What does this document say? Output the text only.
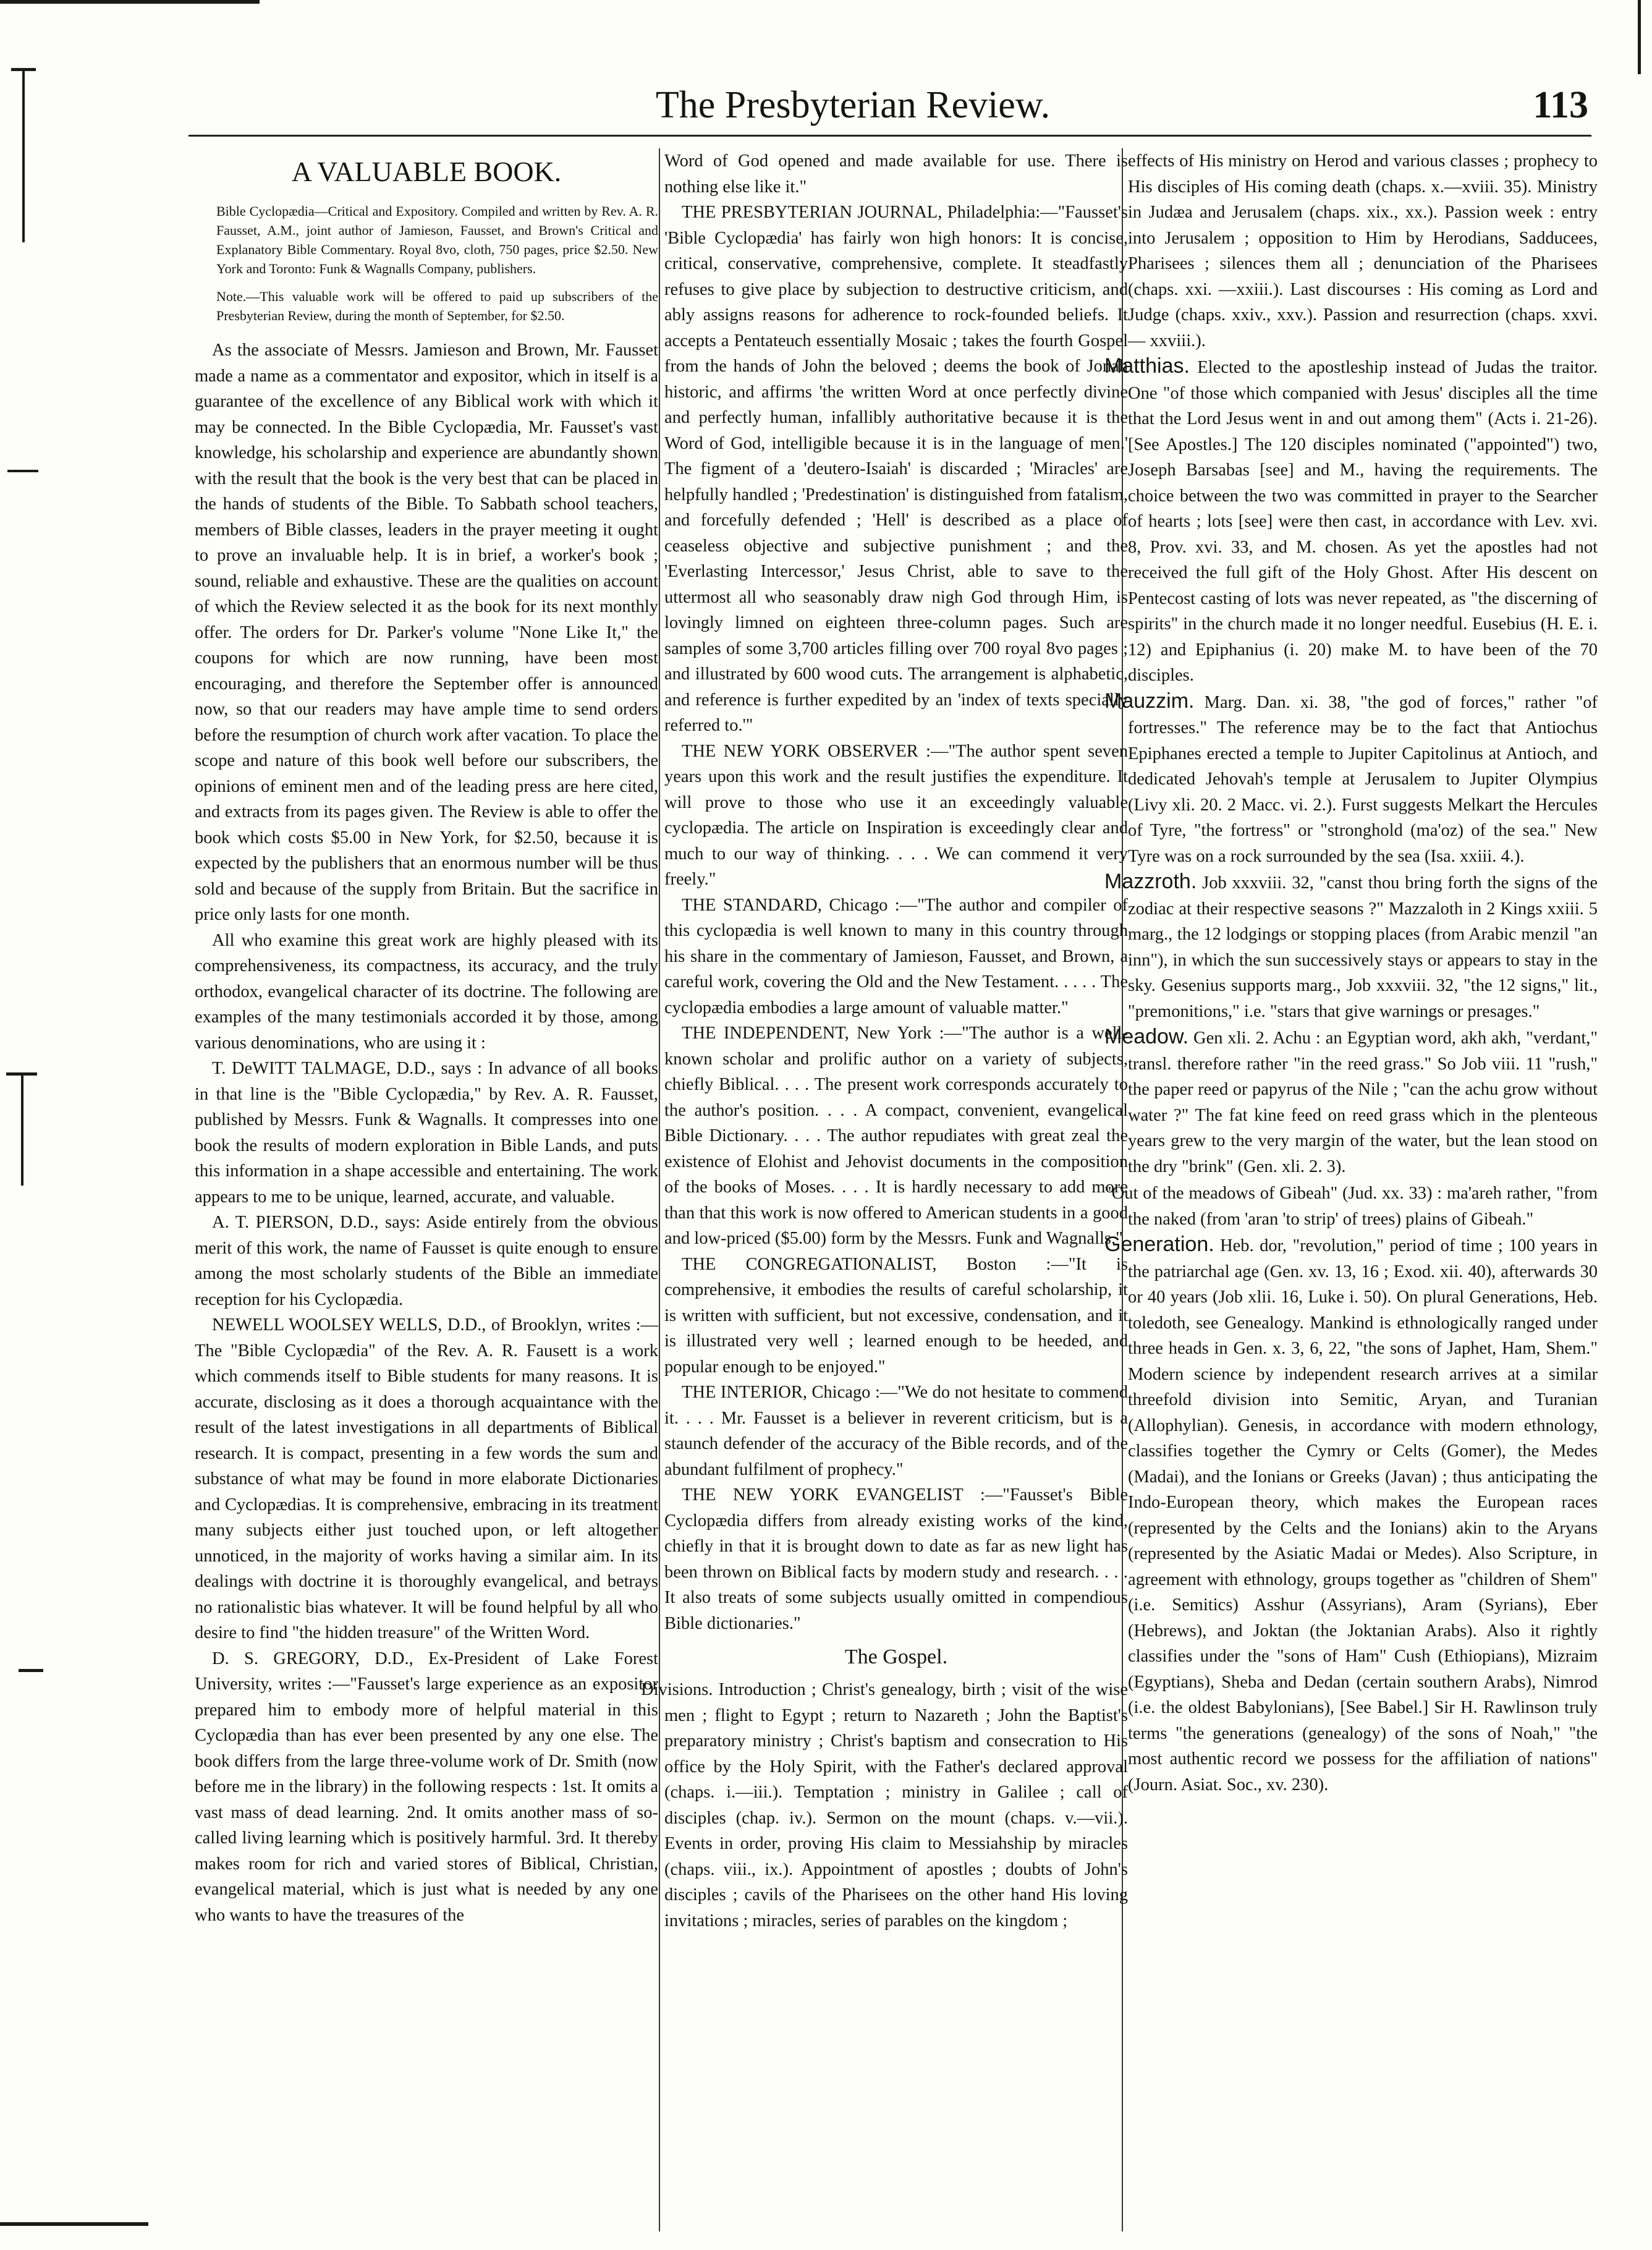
The Presbyterian Review.	113
A VALUABLE BOOK.
Bible Cyclopædia—Critical and Expository. Compiled and written by Rev. A. R. Fausset, A.M., joint author of Jamieson, Fausset, and Brown's Critical and Explanatory Bible Commentary. Royal 8vo, cloth, 750 pages, price $2.50. New York and Toronto: Funk & Wagnalls Company, publishers.
Note.—This valuable work will be offered to paid up subscribers of the Presbyterian Review, during the month of September, for $2.50.

As the associate of Messrs. Jamieson and Brown, Mr. Fausset made a name as a commentator and expositor, which in itself is a guarantee of the excellence of any Biblical work with which it may be connected. In the Bible Cyclopædia, Mr. Fausset's vast knowledge, his scholarship and experience are abundantly shown with the result that the book is the very best that can be placed in the hands of students of the Bible. To Sabbath school teachers, members of Bible classes, leaders in the prayer meeting it ought to prove an invaluable help. It is in brief, a worker's book ; sound, reliable and exhaustive. These are the qualities on account of which the Review selected it as the book for its next monthly offer. The orders for Dr. Parker's volume "None Like It," the coupons for which are now running, have been most encouraging, and therefore the September offer is announced now, so that our readers may have ample time to send orders before the resumption of church work after vacation. To place the scope and nature of this book well before our subscribers, the opinions of eminent men and of the leading press are here cited, and extracts from its pages given. The Review is able to offer the book which costs $5.00 in New York, for $2.50, because it is expected by the publishers that an enormous number will be thus sold and because of the supply from Britain. But the sacrifice in price only lasts for one month.

All who examine this great work are highly pleased with its comprehensiveness, its compactness, its accuracy, and the truly orthodox, evangelical character of its doctrine. The following are examples of the many testimonials accorded it by those, among various denominations, who are using it :

T. DeWITT TALMAGE, D.D., says : In advance of all books in that line is the "Bible Cyclopædia," by Rev. A. R. Fausset, published by Messrs. Funk & Wagnalls. It compresses into one book the results of modern exploration in Bible Lands, and puts this information in a shape accessible and entertaining. The work appears to me to be unique, learned, accurate, and valuable.

A. T. PIERSON, D.D., says: Aside entirely from the obvious merit of this work, the name of Fausset is quite enough to ensure among the most scholarly students of the Bible an immediate reception for his Cyclopædia.

NEWELL WOOLSEY WELLS, D.D., of Brooklyn, writes :—The "Bible Cyclopædia" of the Rev. A. R. Fausett is a work which commends itself to Bible students for many reasons. It is accurate, disclosing as it does a thorough acquaintance with the result of the latest investigations in all departments of Biblical research. It is compact, presenting in a few words the sum and substance of what may be found in more elaborate Dictionaries and Cyclopædias. It is comprehensive, embracing in its treatment many subjects either just touched upon, or left altogether unnoticed, in the majority of works having a similar aim. In its dealings with doctrine it is thoroughly evangelical, and betrays no rationalistic bias whatever. It will be found helpful by all who desire to find "the hidden treasure" of the Written Word.

D. S. GREGORY, D.D., Ex-President of Lake Forest University, writes :—"Fausset's large experience as an expositor prepared him to embody more of helpful material in this Cyclopædia than has ever been presented by any one else. The book differs from the large three-volume work of Dr. Smith (now before me in the library) in the following respects : 1st. It omits a vast mass of dead learning. 2nd. It omits another mass of so-called living learning which is positively harmful. 3rd. It thereby makes room for rich and varied stores of Biblical, Christian, evangelical material, which is just what is needed by any one who wants to have the treasures of the

Word of God opened and made available for use. There is nothing else like it."

THE PRESBYTERIAN JOURNAL, Philadelphia:—"Fausset's 'Bible Cyclopædia' has fairly won high honors: It is concise, critical, conservative, comprehensive, complete. It steadfastly refuses to give place by subjection to destructive criticism, and ably assigns reasons for adherence to rock-founded beliefs. It accepts a Pentateuch essentially Mosaic ; takes the fourth Gospel from the hands of John the beloved ; deems the book of Jonah historic, and affirms 'the written Word at once perfectly divine and perfectly human, infallibly authoritative because it is the Word of God, intelligible because it is in the language of men.' The figment of a 'deutero-Isaiah' is discarded ; 'Miracles' are helpfully handled ; 'Predestination' is distinguished from fatalism, and forcefully defended ; 'Hell' is described as a place of ceaseless objective and subjective punishment ; and the 'Everlasting Intercessor,' Jesus Christ, able to save to the uttermost all who seasonably draw nigh God through Him, is lovingly limned on eighteen three-column pages. Such are samples of some 3,700 articles filling over 700 royal 8vo pages ; and illustrated by 600 wood cuts. The arrangement is alphabetic, and reference is further expedited by an 'index of texts specially referred to.'"

THE NEW YORK OBSERVER :—"The author spent seven years upon this work and the result justifies the expenditure. It will prove to those who use it an exceedingly valuable cyclopædia. The article on Inspiration is exceedingly clear and much to our way of thinking. . . . We can commend it very freely."

THE STANDARD, Chicago :—"The author and compiler of this cyclopædia is well known to many in this country through his share in the commentary of Jamieson, Fausset, and Brown, a careful work, covering the Old and the New Testament. . . . . The cyclopædia embodies a large amount of valuable matter."

THE INDEPENDENT, New York :—"The author is a well-known scholar and prolific author on a variety of subjects, chiefly Biblical. . . . The present work corresponds accurately to the author's position. . . . A compact, convenient, evangelical Bible Dictionary. . . . The author repudiates with great zeal the existence of Elohist and Jehovist documents in the composition of the books of Moses. . . . It is hardly necessary to add more than that this work is now offered to American students in a good and low-priced ($5.00) form by the Messrs. Funk and Wagnalls."

THE CONGREGATIONALIST, Boston :—"It is comprehensive, it embodies the results of careful scholarship, it is written with sufficient, but not excessive, condensation, and it is illustrated very well ; learned enough to be heeded, and popular enough to be enjoyed."

THE INTERIOR, Chicago :—"We do not hesitate to commend it. . . . Mr. Fausset is a believer in reverent criticism, but is a staunch defender of the accuracy of the Bible records, and of the abundant fulfilment of prophecy."

THE NEW YORK EVANGELIST :—"Fausset's Bible Cyclopædia differs from already existing works of the kind, chiefly in that it is brought down to date as far as new light has been thrown on Biblical facts by modern study and research. . . . It also treats of some subjects usually omitted in compendious Bible dictionaries."

The Gospel.

Divisions. Introduction ; Christ's genealogy, birth ; visit of the wise men ; flight to Egypt ; return to Nazareth ; John the Baptist's preparatory ministry ; Christ's baptism and consecration to His office by the Holy Spirit, with the Father's declared approval (chaps. i.—iii.). Temptation ; ministry in Galilee ; call of disciples (chap. iv.). Sermon on the mount (chaps. v.—vii.). Events in order, proving His claim to Messiahship by miracles (chaps. viii., ix.). Appointment of apostles ; doubts of John's disciples ; cavils of the Pharisees on the other hand His loving invitations ; miracles, series of parables on the kingdom ;

effects of His ministry on Herod and various classes ; prophecy to His disciples of His coming death (chaps. x.—xviii. 35). Ministry in Judæa and Jerusalem (chaps. xix., xx.). Passion week : entry into Jerusalem ; opposition to Him by Herodians, Sadducees, Pharisees ; silences them all ; denunciation of the Pharisees (chaps. xxi. —xxiii.). Last discourses : His coming as Lord and Judge (chaps. xxiv., xxv.). Passion and resurrection (chaps. xxvi.— xxviii.).

Matthias. Elected to the apostleship instead of Judas the traitor. One "of those which companied with Jesus' disciples all the time that the Lord Jesus went in and out among them" (Acts i. 21-26). [See Apostles.] The 120 disciples nominated ("appointed") two, Joseph Barsabas [see] and M., having the requirements. The choice between the two was committed in prayer to the Searcher of hearts ; lots [see] were then cast, in accordance with Lev. xvi. 8, Prov. xvi. 33, and M. chosen. As yet the apostles had not received the full gift of the Holy Ghost. After His descent on Pentecost casting of lots was never repeated, as "the discerning of spirits" in the church made it no longer needful. Eusebius (H. E. i. 12) and Epiphanius (i. 20) make M. to have been of the 70 disciples.

Mauzzim. Marg. Dan. xi. 38, "the god of forces," rather "of fortresses." The reference may be to the fact that Antiochus Epiphanes erected a temple to Jupiter Capitolinus at Antioch, and dedicated Jehovah's temple at Jerusalem to Jupiter Olympius (Livy xli. 20. 2 Macc. vi. 2.). Furst suggests Melkart the Hercules of Tyre, "the fortress" or "stronghold (ma'oz) of the sea." New Tyre was on a rock surrounded by the sea (Isa. xxiii. 4.).

Mazzroth. Job xxxviii. 32, "canst thou bring forth the signs of the zodiac at their respective seasons ?" Mazzaloth in 2 Kings xxiii. 5 marg., the 12 lodgings or stopping places (from Arabic menzil "an inn"), in which the sun successively stays or appears to stay in the sky. Gesenius supports marg., Job xxxviii. 32, "the 12 signs," lit., "premonitions," i.e. "stars that give warnings or presages."

Meadow. Gen xli. 2. Achu : an Egyptian word, akh akh, "verdant," transl. therefore rather "in the reed grass." So Job viii. 11 "rush," the paper reed or papyrus of the Nile ; "can the achu grow without water ?" The fat kine feed on reed grass which in the plenteous years grew to the very margin of the water, but the lean stood on the dry "brink" (Gen. xli. 2. 3).

"Out of the meadows of Gibeah" (Jud. xx. 33) : ma'areh rather, "from the naked (from 'aran 'to strip' of trees) plains of Gibeah."

Generation. Heb. dor, "revolution," period of time ; 100 years in the patriarchal age (Gen. xv. 13, 16 ; Exod. xii. 40), afterwards 30 or 40 years (Job xlii. 16, Luke i. 50). On plural Generations, Heb. toledoth, see Genealogy. Mankind is ethnologically ranged under three heads in Gen. x. 3, 6, 22, "the sons of Japhet, Ham, Shem." Modern science by independent research arrives at a similar threefold division into Semitic, Aryan, and Turanian (Allophylian). Genesis, in accordance with modern ethnology, classifies together the Cymry or Celts (Gomer), the Medes (Madai), and the Ionians or Greeks (Javan) ; thus anticipating the Indo-European theory, which makes the European races (represented by the Celts and the Ionians) akin to the Aryans (represented by the Asiatic Madai or Medes). Also Scripture, in agreement with ethnology, groups together as "children of Shem" (i.e. Semitics) Asshur (Assyrians), Aram (Syrians), Eber (Hebrews), and Joktan (the Joktanian Arabs). Also it rightly classifies under the "sons of Ham" Cush (Ethiopians), Mizraim (Egyptians), Sheba and Dedan (certain southern Arabs), Nimrod (i.e. the oldest Babylonians), [See Babel.] Sir H. Rawlinson truly terms "the generations (genealogy) of the sons of Noah," "the most authentic record we possess for the affiliation of nations" (Journ. Asiat. Soc., xv. 230).
